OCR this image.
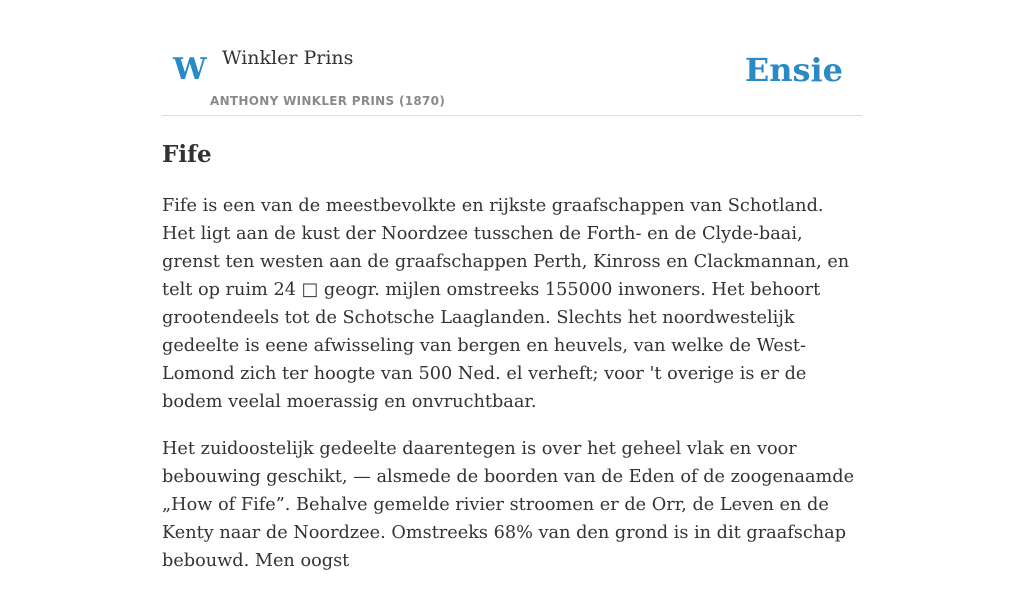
W Winkler Prins
ANTHONY WINKLER PRINS (1870)
Ensie
Fife

Fife is een van de meestbevolkte en rijkste graafschappen van Schotland. Het ligt aan de kust der Noordzee tusschen de Forth- en de Clyde-baai, grenst ten westen aan de graafschappen Perth, Kinross en Clackmannan, en telt op ruim 24 □ geogr. mijlen omstreeks 155000 inwoners. Het behoort grootendeels tot de Schotsche Laaglanden. Slechts het noordwestelijk gedeelte is eene afwisseling van bergen en heuvels, van welke de West-Lomond zich ter hoogte van 500 Ned. el verheft; voor 't overige is er de bodem veelal moerassig en onvruchtbaar.

Het zuidoostelijk gedeelte daarentegen is over het geheel vlak en voor bebouwing geschikt, — alsmede de boorden van de Eden of de zoogenaamde „How of Fife”. Behalve gemelde rivier stroomen er de Orr, de Leven en de Kenty naar de Noordzee. Omstreeks 68% van den grond is in dit graafschap bebouwd. Men oogst
